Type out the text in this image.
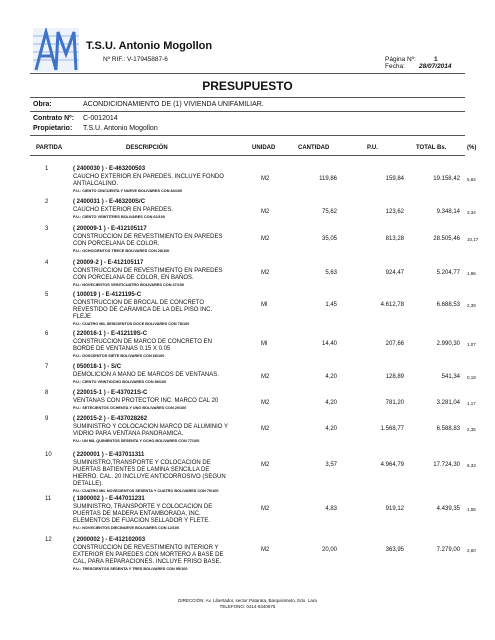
T.S.U. Antonio Mogollon
Nº RIF.: V-17945887-6	Página Nº:	1
Fecha: 28/07/2014
PRESUPUESTO
Obra:	ACONDICIONAMIENTO DE (1) VIVIENDA UNIFAMILIAR.
Contrato Nº: C-0012014
Propietario: T.S.U. Antonio Mogollon
PARTIDA	DESCRIPCIÓN	UNIDAD	CANTIDAD	P.U.	TOTAL Bs.	(%)
1	( 2400030 ) - E-463200503
CAUCHO EXTERIOR EN PAREDES. INCLUYE FONDO
ANTIALCALINO.
P.U.: CIENTO CINCUENTA Y NUEVE BOLIVARES CON 84/100
M2	119,86	159,84	19.158,42 5,84
2	( 2400031 ) - E-463200S/C
CAUCHO EXTERIOR EN PAREDES.
P.U.: CIENTO VEINTITRES BOLIVARES CON 62/100
M2	75,62	123,62	9.348,14 3,34
3	( 200009-1 ) - E-412105117
CONSTRUCCION DE REVESTIMIENTO EN PAREDES
CON PORCELANA DE COLOR.
P.U.: OCHOCIENTOS TRECE BOLIVARES CON 28/100
M2	35,05	813,28	28.505,46 10,17
4	( 20009-2 ) - E-412105117
CONSTRUCCION DE REVESTIMIENTO EN PAREDES
CON PORCELANA DE COLOR, EN BAÑOS.
P.U.: NOVECIENTOS VEINTICUATRO BOLIVARES CON 47/100
M2	5,63	924,47	5.204,77 1,86
5	( 100019 ) - E-4121195-C
CONSTRUCCION DE BROCAL DE CONCRETO
REVESTIDO DE CARAMICA DE LA DEL PISO INC.
FLEJE
P.U.: CUATRO MIL SEISCIENTOS DOCE BOLIVARES CON 78/100
Ml	1,45	4.612,78	6.688,53 2,39
6	( 220016-1 ) - E-412119S-C
CONSTRUCCION DE MARCO DE CONCRETO EN
BORDE DE VENTANAS 0.15 X 0.05
P.U.: DOSCIENTOS SIETE BOLIVARES CON 66/100
Ml	14,40	207,66	2.990,30 1,07
7	( 050018-1 ) - S/C
DEMOLICION A MANO DE MARCOS DE VENTANAS.
P.U.: CIENTO VEINTIOCHO BOLIVARES CON 89/100
M2	4,20	128,89	541,34 0,19
8	( 220015-1 ) - E-437021S-C
VENTANAS CON PROTECTOR INC. MARCO CAL 20
P.U.: SETECIENTOS OCHENTA Y UNO BOLIVARES CON 20/100
M2	4,20	781,20	3.281,04 1,17
9	( 220015-2 ) - E-437028262
SUMINISTRO Y COLOCACION MARCO DE ALUMINIO Y
VIDRIO PARA VENTANA PANORAMICA.
P.U.: UN MIL QUINIENTOS SESENTA Y OCHO BOLIVARES CON 77/100
M2	4,20	1.568,77	6.588,83 2,35
10	( 2200001 ) - E-437011311
SUMINISTRO,TRANSPORTE Y COLOCACION DE
PUERTAS BATIENTES DE LAMINA SENCILLA DE
HIERRO. CAL. 20 INCLUYE ANTICORROSIVO (SEGUN
DETALLE).
P.U.: CUATRO MIL NOVECIENTOS SESENTA Y CUATRO BOLIVARES CON 79/100
M2	3,57	4.964,79	17.724,30 6,33
11	( 1800002 ) - E-447011231
SUMINISTRO, TRANSPORTE Y COLOCACION DE
PUERTAS DE MADERA ENTAMBORADA, INC.
ELEMENTOS DE FIJACION SELLADOR Y FLETE.
P.U.: NOVECIENTOS DIECINUEVE BOLIVARES CON 12/100
M2	4,83	919,12	4.439,35 1,58
12	( 2000002 ) - E-412102003
CONSTRUCCION DE REVESTIMIENTO INTERIOR Y
EXTERIOR EN PAREDES CON MORTERO A BASE DE
CAL, PARA REPARACIONES. INCLUYE FRISO BASE.
P.U.: TRESCIENTOS SESENTA Y TRES BOLIVARES CON 95/100
M2	20,00	363,95	7.279,00 2,60
DIRECCIÓN: Av. Libertador, sector Patarata, Barquisimeto, Edo. Lara
TELEFONO: 0414-5340575
